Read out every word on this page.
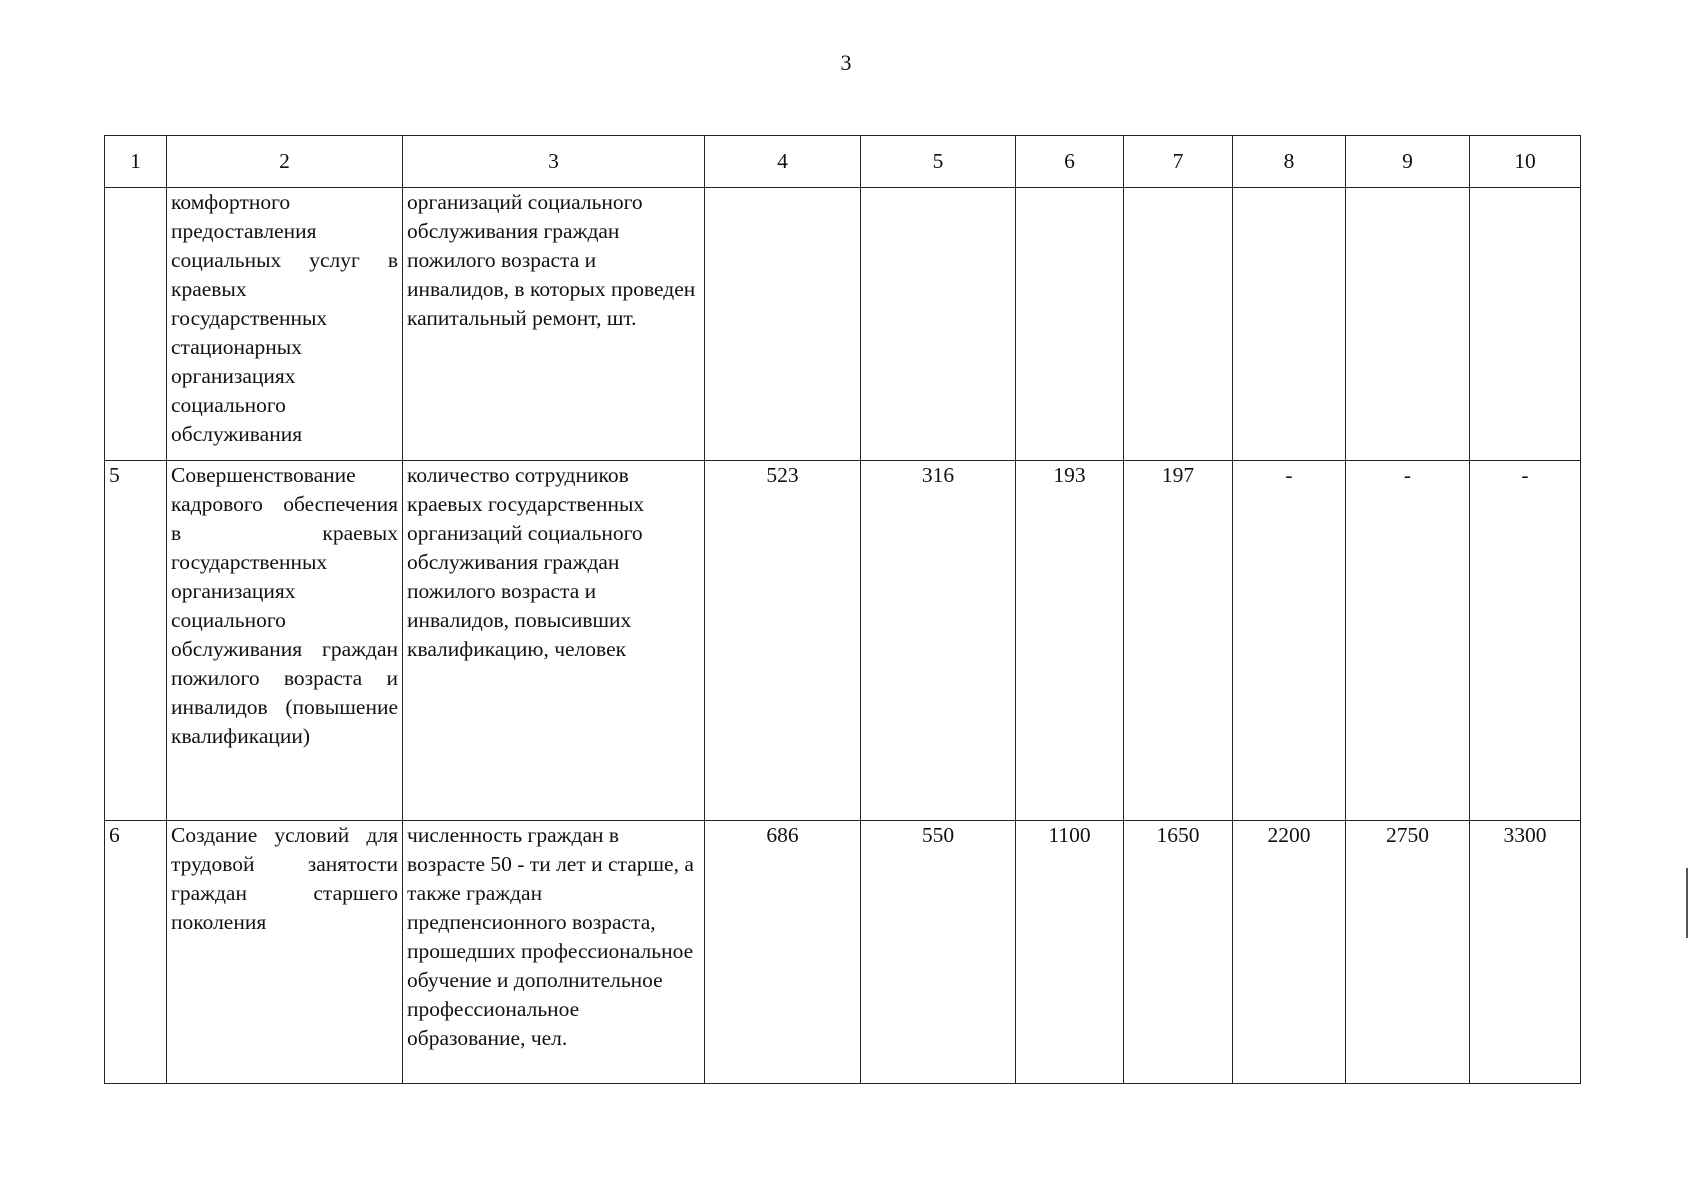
3
1	2	3	4	5	6	7	8	9	10
	комфортного предоставления социальных услуг в краевых государственных стационарных организациях социального обслуживания	организаций социального обслуживания граждан пожилого возраста и инвалидов, в которых проведен капитальный ремонт, шт.							
5	Совершенствование кадрового обеспечения в краевых государственных организациях социального обслуживания граждан пожилого возраста и инвалидов (повышение квалификации)	количество сотрудников краевых государственных организаций социального обслуживания граждан пожилого возраста и инвалидов, повысивших квалификацию, человек	523	316	193	197	-	-	-
6	Создание условий для трудовой занятости граждан старшего поколения	численность граждан в возрасте 50 - ти лет и старше, а также граждан предпенсионного возраста, прошедших профессиональное обучение и дополнительное профессиональное образование, чел.	686	550	1100	1650	2200	2750	3300
